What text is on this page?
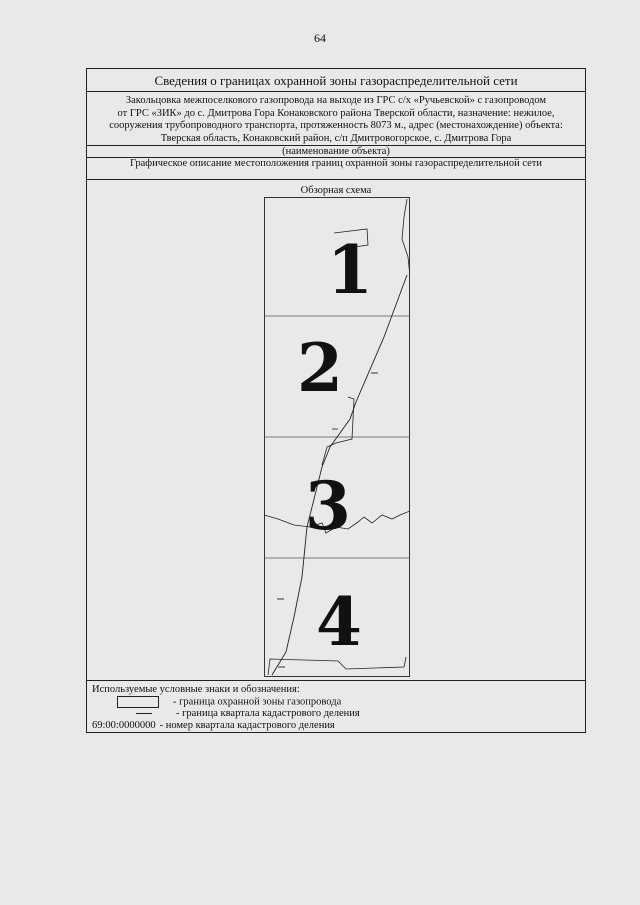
64
Сведения о границах охранной зоны газораспределительной сети
Закольцовка межпоселкового газопровода на выходе из ГРС с/х «Ручьевской» с газопроводом
от ГРС «ЗИК» до с. Дмитрова Гора Конаковского района Тверской области, назначение: нежилое,
сооружения трубопроводного транспорта, протяженность 8073 м., адрес (местонахождение) объекта:
Тверская область, Конаковский район, с/п Дмитровогорское, с. Дмитрова Гора
(наименование объекта)
Графическое описание местоположения границ охранной зоны газораспределительной сети
Обзорная схема
1
2
3
4
Используемые условные знаки и обозначения:
- граница охранной зоны газопровода
- граница квартала кадастрового деления
69:00:0000000 - номер квартала кадастрового деления
